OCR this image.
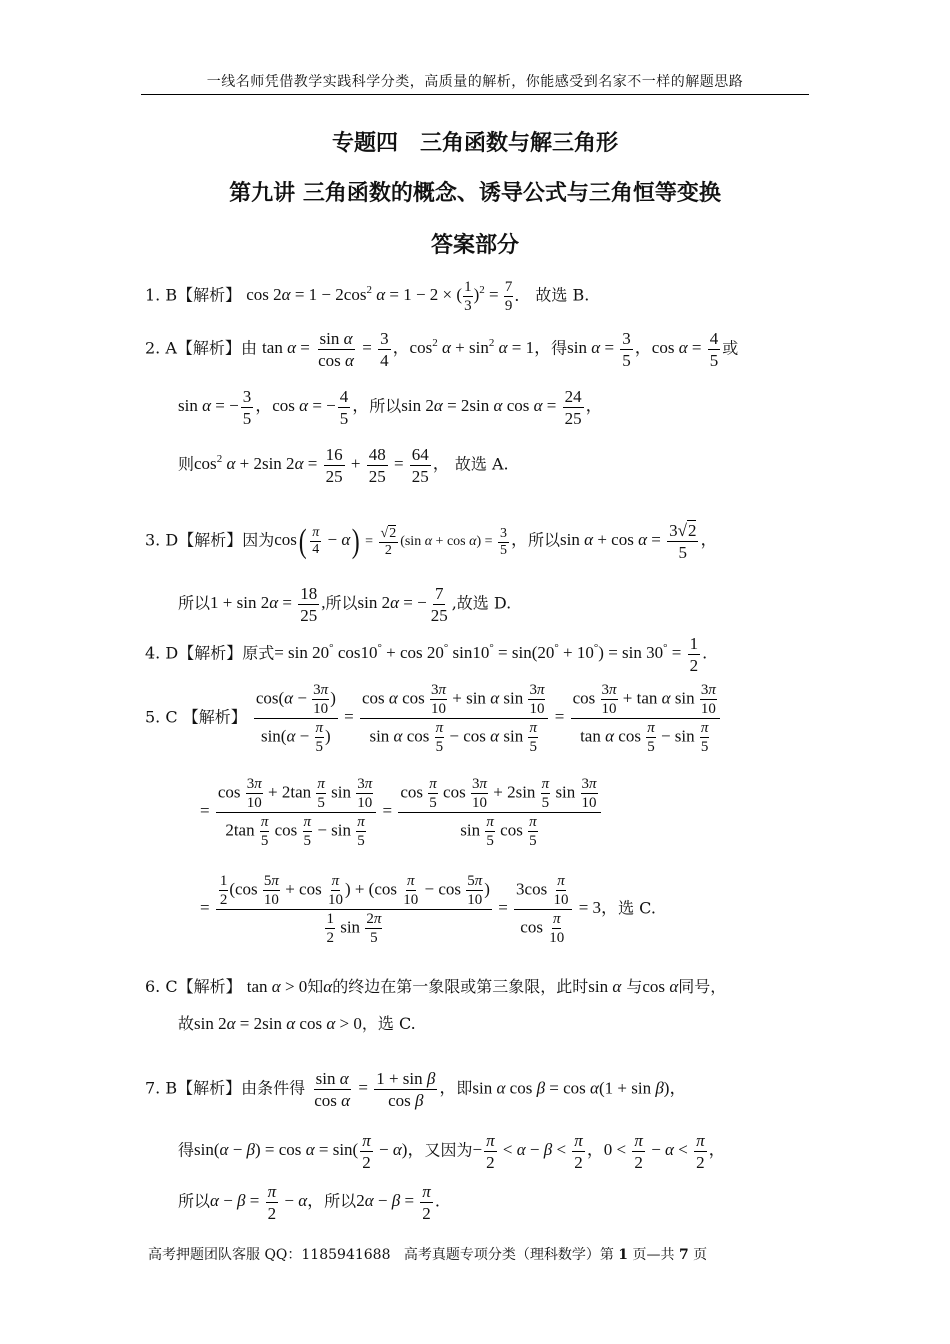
一线名师凭借教学实践科学分类，高质量的解析，你能感受到名家不一样的解题思路
专题四　三角函数与解三角形
第九讲 三角函数的概念、诱导公式与三角恒等变换
答案部分
1. B【解析】 $\cos 2\alpha = 1 - 2\cos^2$ α = 1 − 2 × ( $\frac{1}{3} )^2 = \frac{7}{9}$ ． 故选 B.
2. A【解析】由 $\tan \alpha = \frac{\text{sin α}}{\text{cos α}} = \frac{3}{4}$ ，$\cos^2 \alpha + \sin^2 \alpha = 1$，得$\sin \alpha = \frac{3}{5}$ ，$\cos \alpha = \frac{4}{5}$ 或
sin α = − $\frac{3}{5}$ ，cos α = − $\frac{4}{5}$ ，所以sin 2α = 2sin α $\cos \alpha = \frac{24}{25}$ ，
则$\cos^2 \alpha + 2\sin$ $2\alpha = \frac{16}{25} + \frac{48}{25} = \frac{64}{25}$ ， 故选 A.
3. D【解析】因为$\cos( \frac{\pi}{4} - \alpha) = \frac{√2}{2} (\sin$ $\alpha + \cos \alpha) = \frac{3}{5}$ ，所以$\sin \alpha + \cos \alpha = \frac{3√2}{5}$ ，
所以$1 + \sin 2\alpha = \frac{18}{25}$ ,所以sin 2α = − $\frac{7}{25}$ ,故选 D.
4. D【解析】原式= sin 20° cos10° + cos 20° $\sin 10^\circ = \sin(20^\circ + 10^\circ) = \sin 30^\circ = \frac{1}{2}$ .
5. C 【解析】 $\frac{\cos(\alpha - \frac{3\pi}{10} )}{\sin(\alpha - \frac{\pi}{5} )} = \frac{\cos \alpha \cos \frac{3\pi}{10} + \sin \alpha \sin \frac{3\pi}{10}}{\sin \alpha \cos \frac{\pi}{5} - \cos \alpha \sin \frac{\pi}{5}} = \frac{\cos \frac{3\pi}{10} + \tan \alpha \sin \frac{3\pi}{10}}{\tan \alpha \cos \frac{\pi}{5} - \sin \frac{\pi}{5}}$
= $\frac{\cos \frac{3\pi}{10} + 2\tan \frac{\pi}{5} \sin \frac{3\pi}{10}}{2\tan \frac{\pi}{5} \cos \frac{\pi}{5} - \sin \frac{\pi}{5}} = \frac{\cos \frac{\pi}{5} \cos \frac{3\pi}{10} + 2\sin \frac{\pi}{5} \sin \frac{3\pi}{10}}{\sin \frac{\pi}{5} \cos \frac{\pi}{5}}$
= $\frac{\frac{1}{2} (\cos \frac{5\pi}{10} + \cos \frac{\pi}{10} ) + (\cos \frac{\pi}{10} - \cos \frac{5\pi}{10} )}{\frac{1}{2} \sin \frac{2\pi}{5}} = \frac{3\cos \frac{\pi}{10}}{\cos \frac{\pi}{10}} = 3$，选 C.
6. C【解析】 tan α > 0知α的终边在第一象限或第三象限，此时sin α 与cos α同号，
故sin 2α = 2sin α cos α > 0，选 C.
7. B【解析】由条件得 $\frac{\text{sin α}}{\text{cos α}} = \frac{\text{1 + sin β}}{\text{cos β}}$ ，即sin α cos β = cos α(1 + sin β)，
得$\sin(\alpha - \beta) = \cos \alpha = \sin( \frac{\pi}{2} - \alpha)$，又因为− $\frac{\pi}{2} < \alpha - \beta < \frac{\pi}{2}$ ，$0 < \frac{\pi}{2} - \alpha < \frac{\pi}{2}$ ，
所以$\alpha - \beta = \frac{\pi}{2} - \alpha$，所以$2\alpha - \beta = \frac{\pi}{2}$ .
高考押题团队客服 QQ：1185941688 高考真题专项分类（理科数学）第 1 页—共 7 页
